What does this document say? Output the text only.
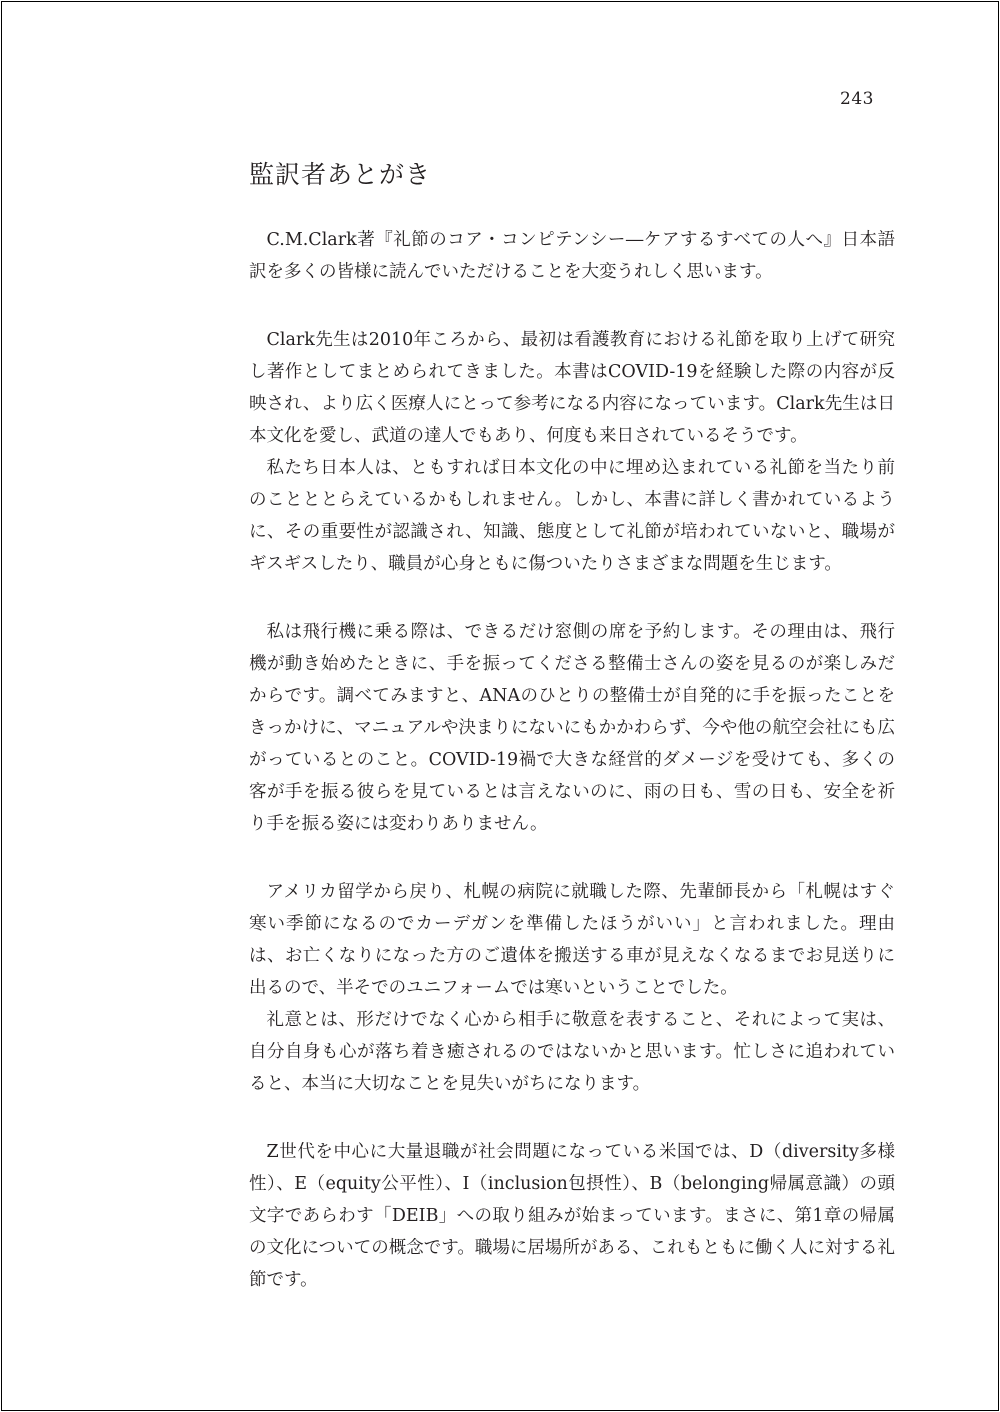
243
監訳者あとがき

C.M.Clark著『礼節のコア・コンピテンシー―ケアするすべての人へ』日本語訳を多くの皆様に読んでいただけることを大変うれしく思います。

Clark先生は2010年ころから、最初は看護教育における礼節を取り上げて研究し著作としてまとめられてきました。本書はCOVID-19を経験した際の内容が反映され、より広く医療人にとって参考になる内容になっています。Clark先生は日本文化を愛し、武道の達人でもあり、何度も来日されているそうです。

私たち日本人は、ともすれば日本文化の中に埋め込まれている礼節を当たり前のことととらえているかもしれません。しかし、本書に詳しく書かれているように、その重要性が認識され、知識、態度として礼節が培われていないと、職場がギスギスしたり、職員が心身ともに傷ついたりさまざまな問題を生じます。

私は飛行機に乗る際は、できるだけ窓側の席を予約します。その理由は、飛行機が動き始めたときに、手を振ってくださる整備士さんの姿を見るのが楽しみだからです。調べてみますと、ANAのひとりの整備士が自発的に手を振ったことをきっかけに、マニュアルや決まりにないにもかかわらず、今や他の航空会社にも広がっているとのこと。COVID-19禍で大きな経営的ダメージを受けても、多くの客が手を振る彼らを見ているとは言えないのに、雨の日も、雪の日も、安全を祈り手を振る姿には変わりありません。

アメリカ留学から戻り、札幌の病院に就職した際、先輩師長から「札幌はすぐ寒い季節になるのでカーデガンを準備したほうがいい」と言われました。理由は、お亡くなりになった方のご遺体を搬送する車が見えなくなるまでお見送りに出るので、半そでのユニフォームでは寒いということでした。

礼意とは、形だけでなく心から相手に敬意を表すること、それによって実は、自分自身も心が落ち着き癒されるのではないかと思います。忙しさに追われていると、本当に大切なことを見失いがちになります。

Z世代を中心に大量退職が社会問題になっている米国では、D（diversity多様性）、E（equity公平性）、I（inclusion包摂性）、B（belonging帰属意識）の頭文字であらわす「DEIB」への取り組みが始まっています。まさに、第1章の帰属の文化についての概念です。職場に居場所がある、これもともに働く人に対する礼節です。
